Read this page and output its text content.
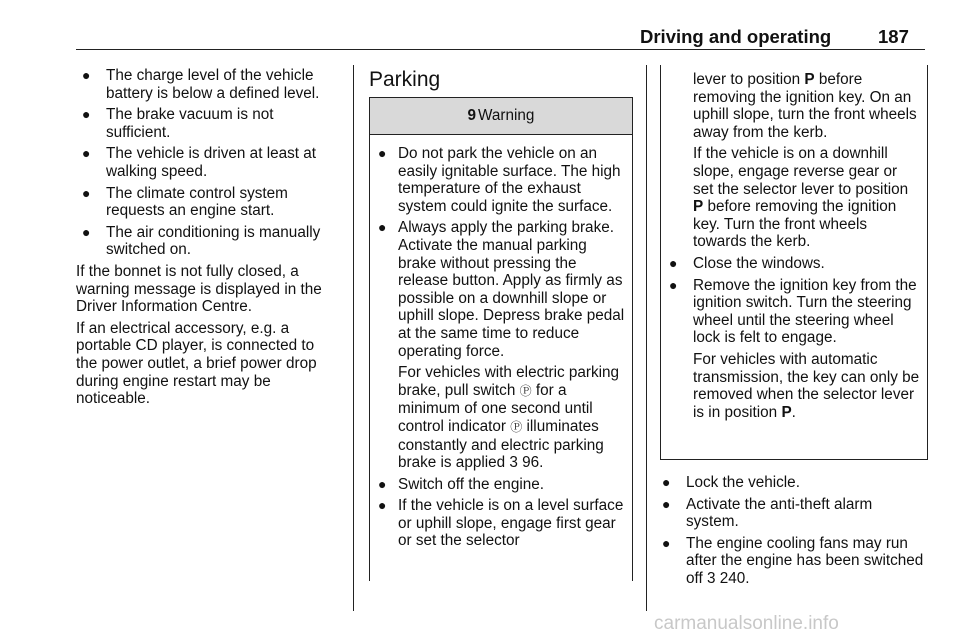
Driving and operating	187
● The charge level of the vehicle battery is below a defined level.
● The brake vacuum is not sufficient.
● The vehicle is driven at least at walking speed.
● The climate control system requests an engine start.
● The air conditioning is manually switched on.

If the bonnet is not fully closed, a warning message is displayed in the Driver Information Centre.

If an electrical accessory, e.g. a portable CD player, is connected to the power outlet, a brief power drop during engine restart may be noticeable.

Parking
9 Warning
● Do not park the vehicle on an easily ignitable surface. The high temperature of the exhaust system could ignite the surface.
● Always apply the parking brake. Activate the manual parking brake without pressing the release button. Apply as firmly as possible on a downhill slope or uphill slope. Depress brake pedal at the same time to reduce operating force.

For vehicles with electric parking brake, pull switch Ⓟ for a minimum of one second until control indicator Ⓟ illuminates constantly and electric parking brake is applied 3 96.

● Switch off the engine.
● If the vehicle is on a level surface or uphill slope, engage first gear or set the selector

lever to position P before removing the ignition key. On an uphill slope, turn the front wheels away from the kerb.

If the vehicle is on a downhill slope, engage reverse gear or set the selector lever to position P before removing the ignition key. Turn the front wheels towards the kerb.

● Close the windows.
● Remove the ignition key from the ignition switch. Turn the steering wheel until the steering wheel lock is felt to engage.

For vehicles with automatic transmission, the key can only be removed when the selector lever is in position P.

● Lock the vehicle.
● Activate the anti-theft alarm system.
● The engine cooling fans may run after the engine has been switched off 3 240.
carmanualsonline.info
